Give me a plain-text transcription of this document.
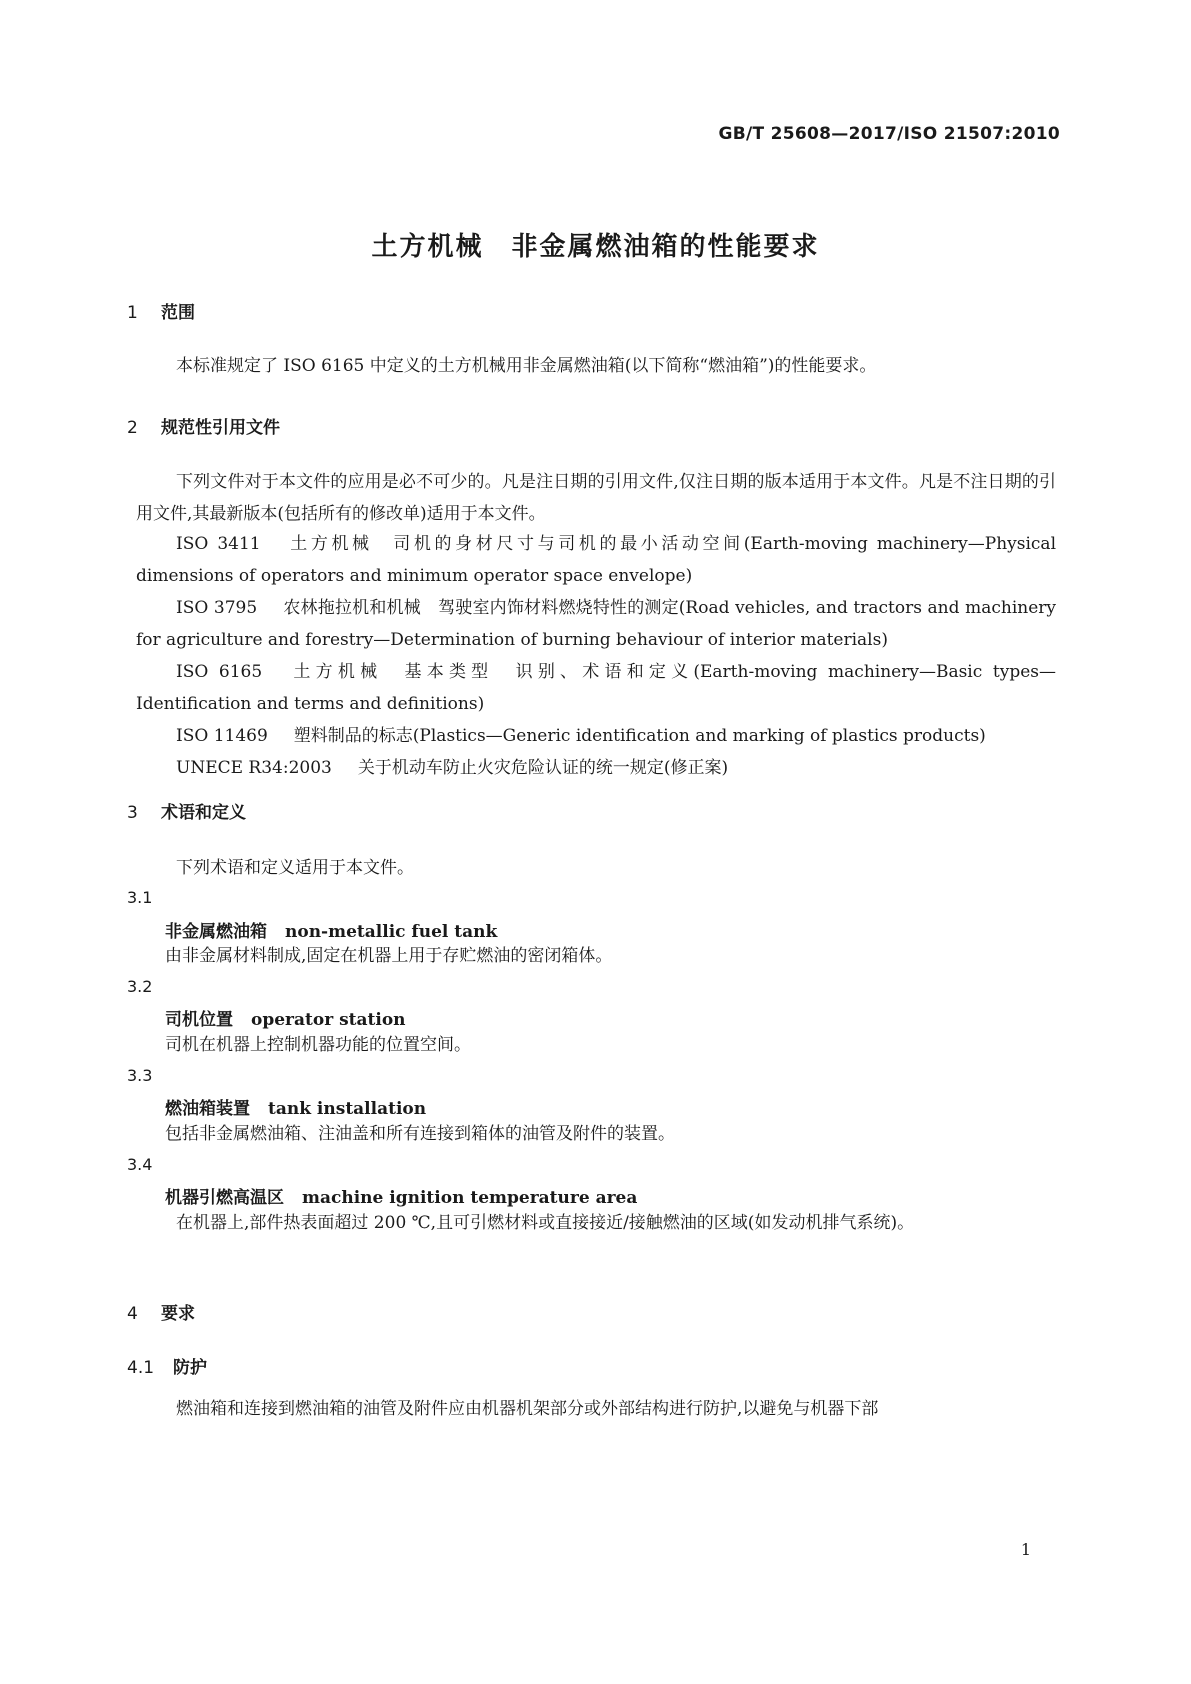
GB/T 25608—2017/ISO 21507:2010
土方机械　非金属燃油箱的性能要求
1 范围
本标准规定了 ISO 6165 中定义的土方机械用非金属燃油箱(以下简称“燃油箱”)的性能要求。
2 规范性引用文件
下列文件对于本文件的应用是必不可少的。凡是注日期的引用文件,仅注日期的版本适用于本文件。凡是不注日期的引用文件,其最新版本(包括所有的修改单)适用于本文件。
ISO 3411 土方机械　司机的身材尺寸与司机的最小活动空间(Earth-moving machinery—Physical dimensions of operators and minimum operator space envelope)
ISO 3795 农林拖拉机和机械　驾驶室内饰材料燃烧特性的测定(Road vehicles, and tractors and machinery for agriculture and forestry—Determination of burning behaviour of interior materials)
ISO 6165 土方机械　基本类型　识别、术语和定义(Earth-moving machinery—Basic types—Identification and terms and definitions)
ISO 11469 塑料制品的标志(Plastics—Generic identification and marking of plastics products)
UNECE R34:2003 关于机动车防止火灾危险认证的统一规定(修正案)
3 术语和定义
下列术语和定义适用于本文件。
3.1
非金属燃油箱 non-metallic fuel tank
由非金属材料制成,固定在机器上用于存贮燃油的密闭箱体。
3.2
司机位置 operator station
司机在机器上控制机器功能的位置空间。
3.3
燃油箱装置 tank installation
包括非金属燃油箱、注油盖和所有连接到箱体的油管及附件的装置。
3.4
机器引燃高温区 machine ignition temperature area
在机器上,部件热表面超过 200 ℃,且可引燃材料或直接接近/接触燃油的区域(如发动机排气系统)。
4 要求
4.1 防护
燃油箱和连接到燃油箱的油管及附件应由机器机架部分或外部结构进行防护,以避免与机器下部
1
